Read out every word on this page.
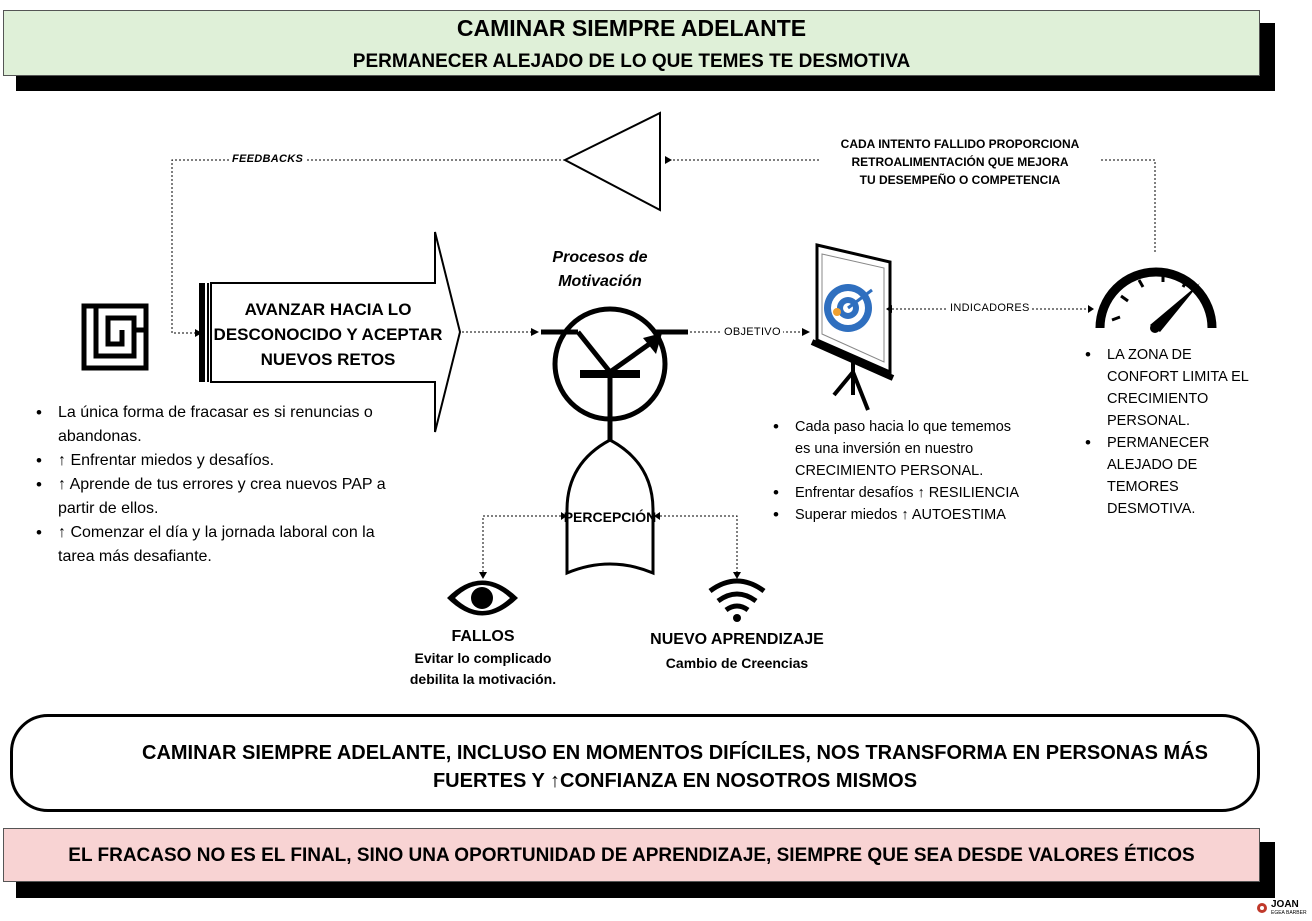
CAMINAR SIEMPRE ADELANTE
PERMANECER ALEJADO DE LO QUE TEMES TE DESMOTIVA
FEEDBACKS
CADA INTENTO FALLIDO PROPORCIONA
RETROALIMENTACIÓN QUE MEJORA
TU DESEMPEÑO O COMPETENCIA
AVANZAR HACIA LO
DESCONOCIDO Y ACEPTAR
NUEVOS RETOS
Procesos de
Motivación
OBJETIVO
INDICADORES
PERCEPCIÓN
• La única forma de fracasar es si renuncias o abandonas.
• ↑ Enfrentar miedos y desafíos.
• ↑ Aprende de tus errores y crea nuevos PAP a partir de ellos.
• ↑ Comenzar el día y la jornada laboral con la tarea más desafiante.
• Cada paso hacia lo que tememos es una inversión en nuestro CRECIMIENTO PERSONAL.
• Enfrentar desafíos ↑ RESILIENCIA
• Superar miedos ↑ AUTOESTIMA
• LA ZONA DE CONFORT LIMITA EL CRECIMIENTO PERSONAL.
• PERMANECER ALEJADO DE TEMORES DESMOTIVA.
FALLOS
Evitar lo complicado
debilita la motivación.
NUEVO APRENDIZAJE
Cambio de Creencias
CAMINAR SIEMPRE ADELANTE, INCLUSO EN MOMENTOS DIFÍCILES, NOS TRANSFORMA EN PERSONAS MÁS FUERTES Y ↑CONFIANZA EN NOSOTROS MISMOS
EL FRACASO NO ES EL FINAL, SINO UNA OPORTUNIDAD DE APRENDIZAJE, SIEMPRE QUE SEA DESDE VALORES ÉTICOS
JOAN
EGEA BARBER
